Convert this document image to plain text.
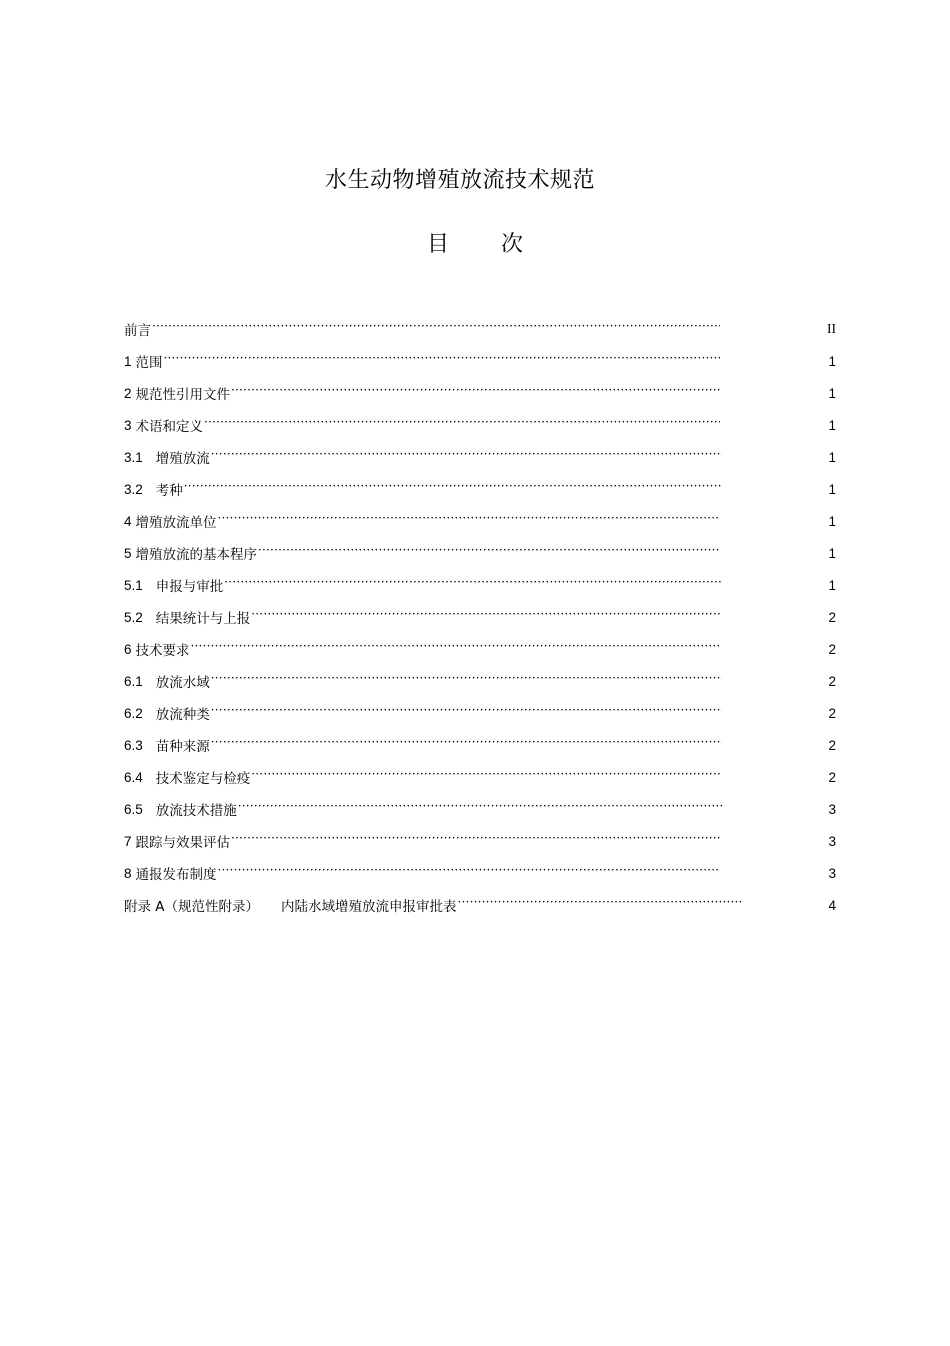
水生动物增殖放流技术规范
目 次
前言 ·····	II
1 范围 ·····	1
2 规范性引用文件 ·····	1
3 术语和定义 ·····	1
3.1 增殖放流 ·····	1
3.2 考种 ·····	1
4 增殖放流单位 ·····	1
5 增殖放流的基本程序 ·····	1
5.1 申报与审批 ·····	1
5.2 结果统计与上报 ·····	2
6 技术要求 ·····	2
6.1 放流水域 ·····	2
6.2 放流种类 ·····	2
6.3 苗种来源 ·····	2
6.4 技术鉴定与检疫 ·····	2
6.5 放流技术措施 ·····	3
7 跟踪与效果评估 ·····	3
8 通报发布制度 ·····	3
附录 A（规范性附录） 内陆水域增殖放流申报审批表 ·····	4
